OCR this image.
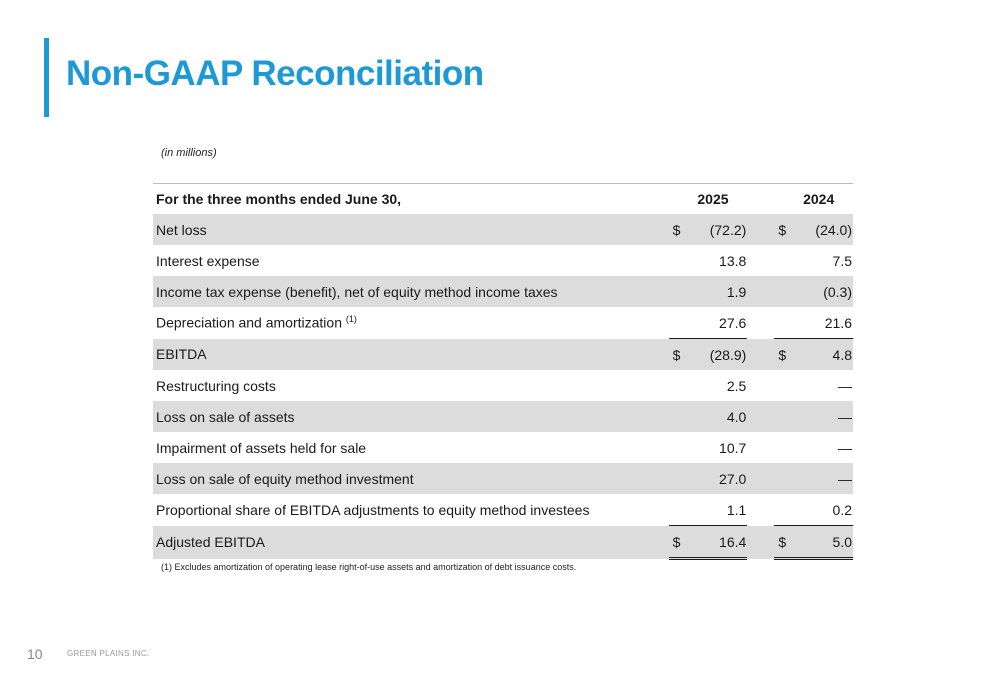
Non-GAAP Reconciliation
(in millions)
For the three months ended June 30,		2025		2024

Net loss		$ (72.2)		$ (24.0)

Interest expense		13.8		7.5

Income tax expense (benefit), net of equity method income taxes		1.9		(0.3)

Depreciation and amortization $^{(1)}$		27.6		21.6

EBITDA		$ (28.9)		$ 4.8

Restructuring costs		2.5		—

Loss on sale of assets		4.0		—

Impairment of assets held for sale		10.7		—

Loss on sale of equity method investment		27.0		—

Proportional share of EBITDA adjustments to equity method investees		1.1		0.2

Adjusted EBITDA		$ 16.4		$ 5.0
(1) Excludes amortization of operating lease right-of-use assets and amortization of debt issuance costs.
10	GREEN PLAINS INC.
